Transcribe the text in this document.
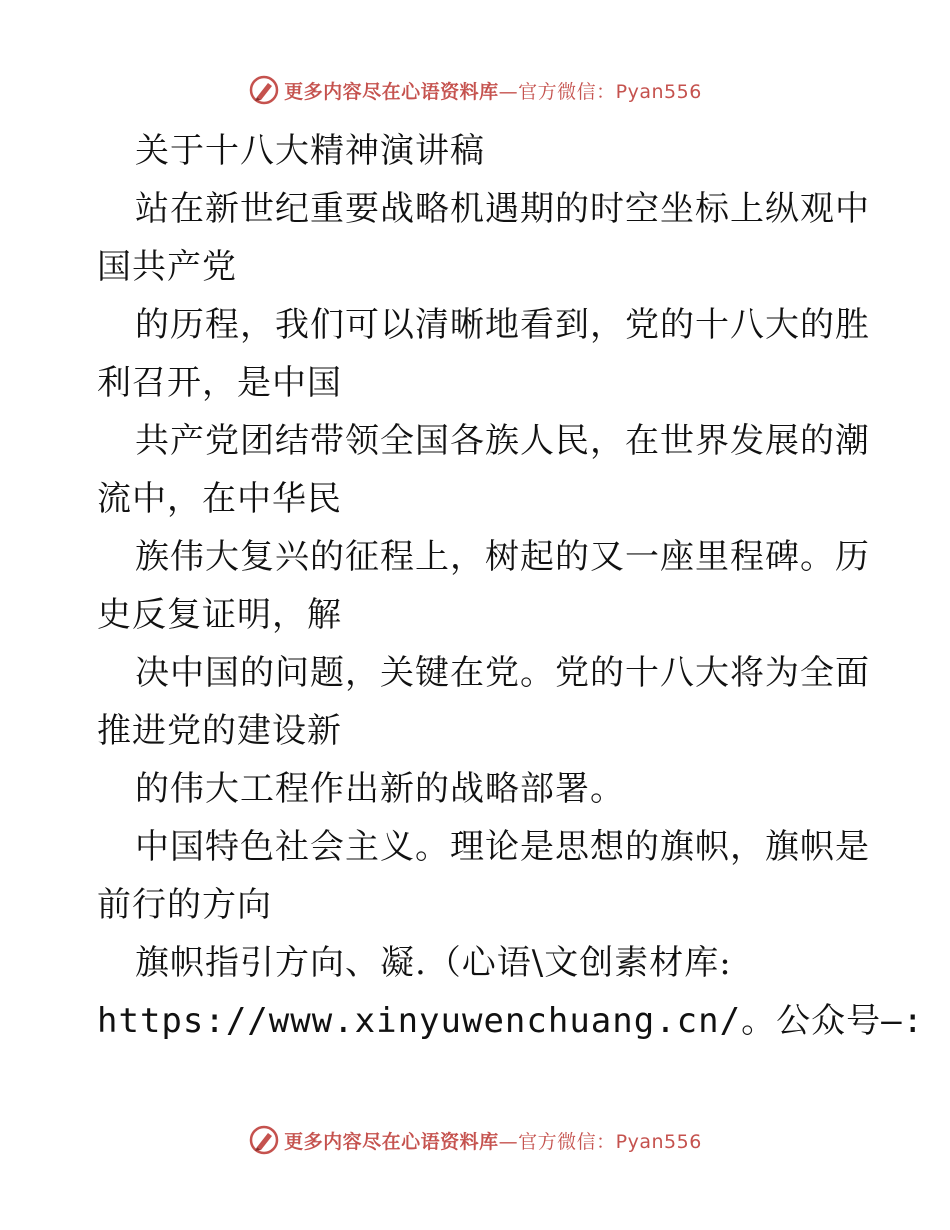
更多内容尽在心语资料库—官方微信：Pyan556

关于十八大精神演讲稿

站在新世纪重要战略机遇期的时空坐标上纵观中

国共产党

的历程，我们可以清晰地看到，党的十八大的胜

利召开，是中国

共产党团结带领全国各族人民，在世界发展的潮

流中，在中华民

族伟大复兴的征程上，树起的又一座里程碑。历

史反复证明，解

决中国的问题，关键在党。党的十八大将为全面

推进党的建设新

的伟大工程作出新的战略部署。

中国特色社会主义。理论是思想的旗帜，旗帜是

前行的方向

旗帜指引方向、凝.（心语\文创素材库:

https://www.xinyuwenchuang.cn/。公众号—:

更多内容尽在心语资料库—官方微信：Pyan556
